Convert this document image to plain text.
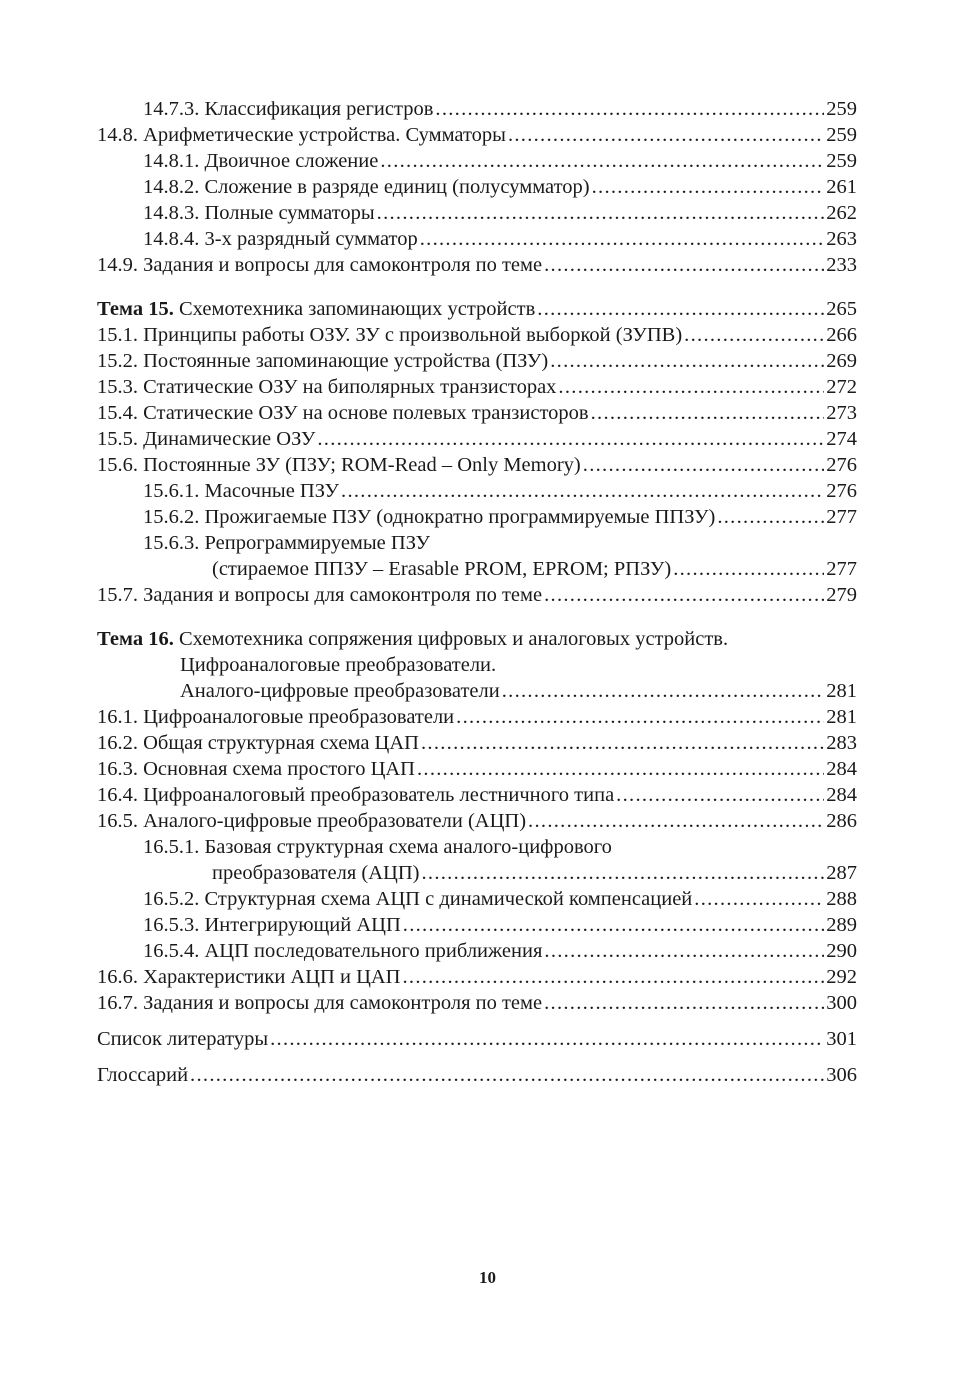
14.7.3. Классификация регистров .....	259
14.8. Арифметические устройства. Сумматоры .....	259
14.8.1. Двоичное сложение .....	259
14.8.2. Сложение в разряде единиц (полусумматор) .....	261
14.8.3. Полные сумматоры .....	262
14.8.4. 3-х разрядный сумматор .....	263
14.9. Задания и вопросы для самоконтроля по теме .....	233
Тема 15. Схемотехника запоминающих устройств .....	265
15.1. Принципы работы ОЗУ. ЗУ с произвольной выборкой (ЗУПВ) .....	266
15.2. Постоянные запоминающие устройства (ПЗУ) .....	269
15.3. Статические ОЗУ на биполярных транзисторах .....	272
15.4. Статические ОЗУ на основе полевых транзисторов .....	273
15.5. Динамические ОЗУ .....	274
15.6. Постоянные ЗУ (ПЗУ; ROM-Read – Only Memory) .....	276
15.6.1. Масочные ПЗУ .....	276
15.6.2. Прожигаемые ПЗУ (однократно программируемые ППЗУ) .....	277
15.6.3. Репрограммируемые ПЗУ
(стираемое ППЗУ – Erasable PROM, EPROM; РПЗУ) .....	277
15.7. Задания и вопросы для самоконтроля по теме .....	279
Тема 16. Схемотехника сопряжения цифровых и аналоговых устройств.
Цифроаналоговые преобразователи.
Аналого-цифровые преобразователи .....	281
16.1. Цифроаналоговые преобразователи .....	281
16.2. Общая структурная схема ЦАП .....	283
16.3. Основная схема простого ЦАП .....	284
16.4. Цифроаналоговый преобразователь лестничного типа .....	284
16.5. Аналого-цифровые преобразователи (АЦП) .....	286
16.5.1. Базовая структурная схема аналого-цифрового
преобразователя (АЦП) .....	287
16.5.2. Структурная схема АЦП с динамической компенсацией .....	288
16.5.3. Интегрирующий АЦП .....	289
16.5.4. АЦП последовательного приближения .....	290
16.6. Характеристики АЦП и ЦАП .....	292
16.7. Задания и вопросы для самоконтроля по теме .....	300
Список литературы .....	301
Глоссарий .....	306
10
